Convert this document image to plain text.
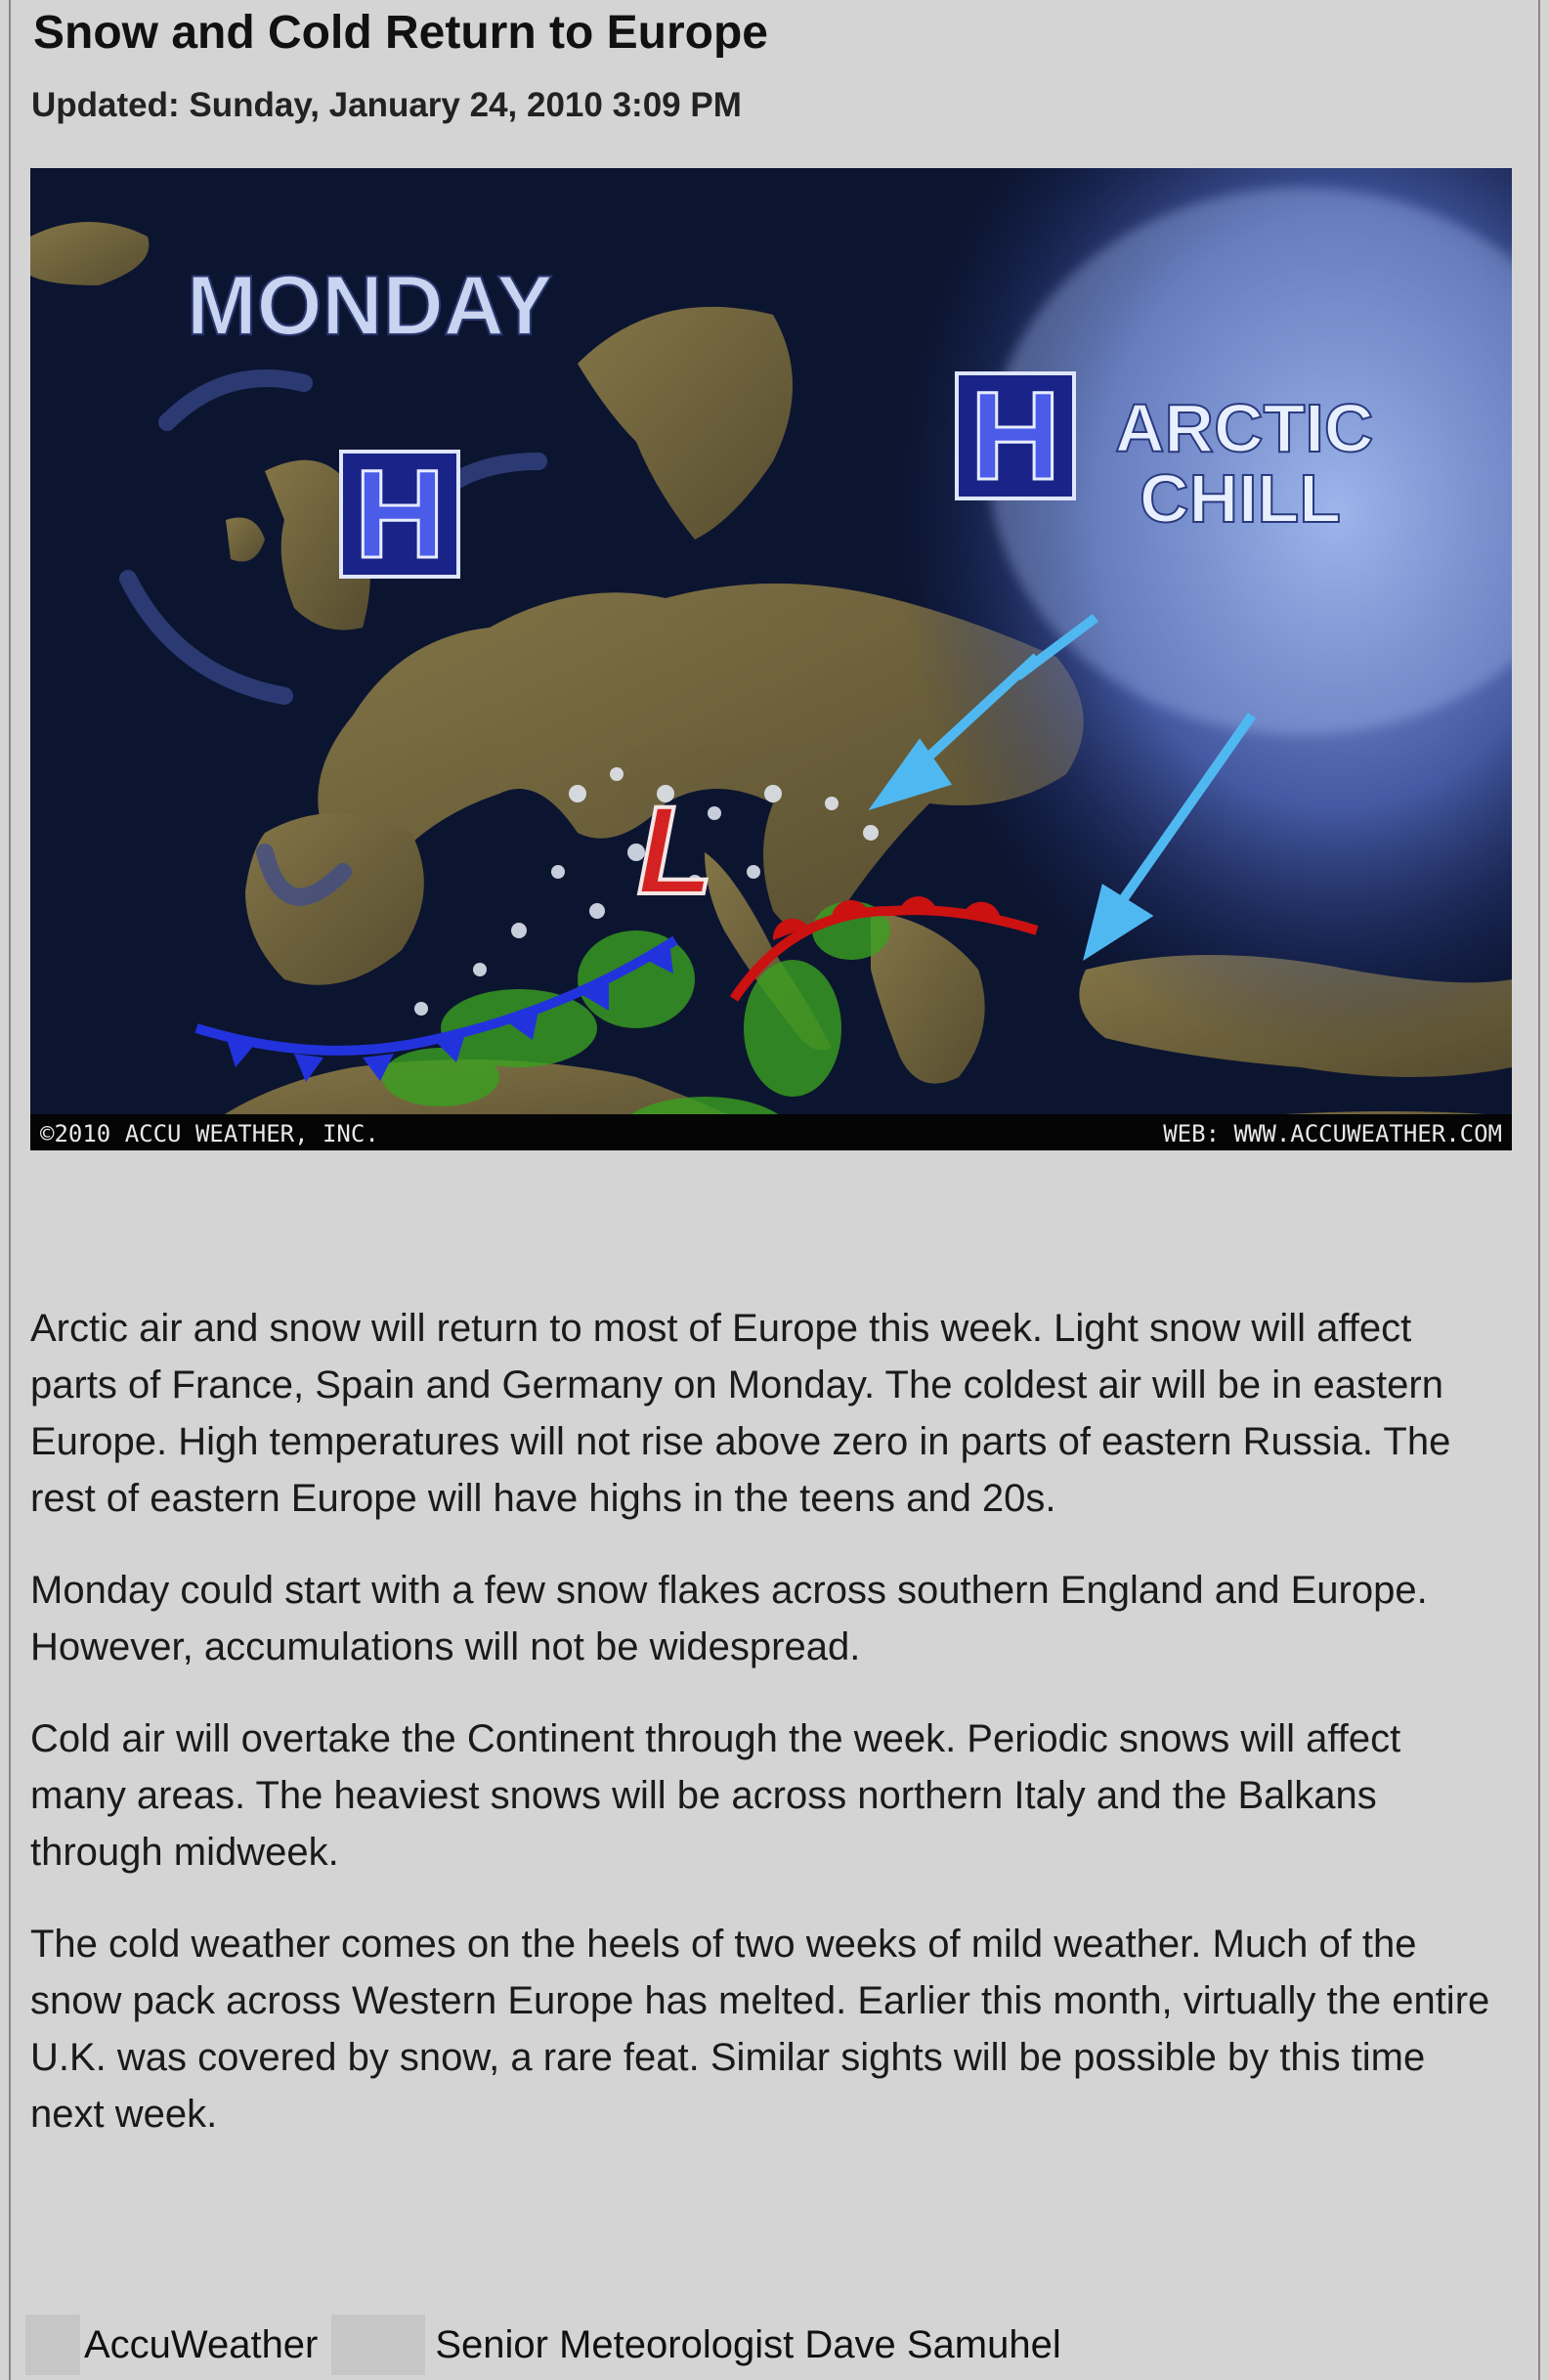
Snow and Cold Return to Europe
Updated: Sunday, January 24, 2010 3:09 PM
MONDAY
H
H ARCTIC
CHILL
L
©2010 ACCU WEATHER, INC.	WEB: WWW.ACCUWEATHER.COM

Arctic air and snow will return to most of Europe this week. Light snow will affect parts of France, Spain and Germany on Monday. The coldest air will be in eastern Europe. High temperatures will not rise above zero in parts of eastern Russia. The rest of eastern Europe will have highs in the teens and 20s.

Monday could start with a few snow flakes across southern England and Europe. However, accumulations will not be widespread.

Cold air will overtake the Continent through the week. Periodic snows will affect many areas. The heaviest snows will be across northern Italy and the Balkans through midweek.

The cold weather comes on the heels of two weeks of mild weather. Much of the snow pack across Western Europe has melted. Earlier this month, virtually the entire U.K. was covered by snow, a rare feat. Similar sights will be possible by this time next week.

AccuWeather	Senior Meteorologist Dave Samuhel
